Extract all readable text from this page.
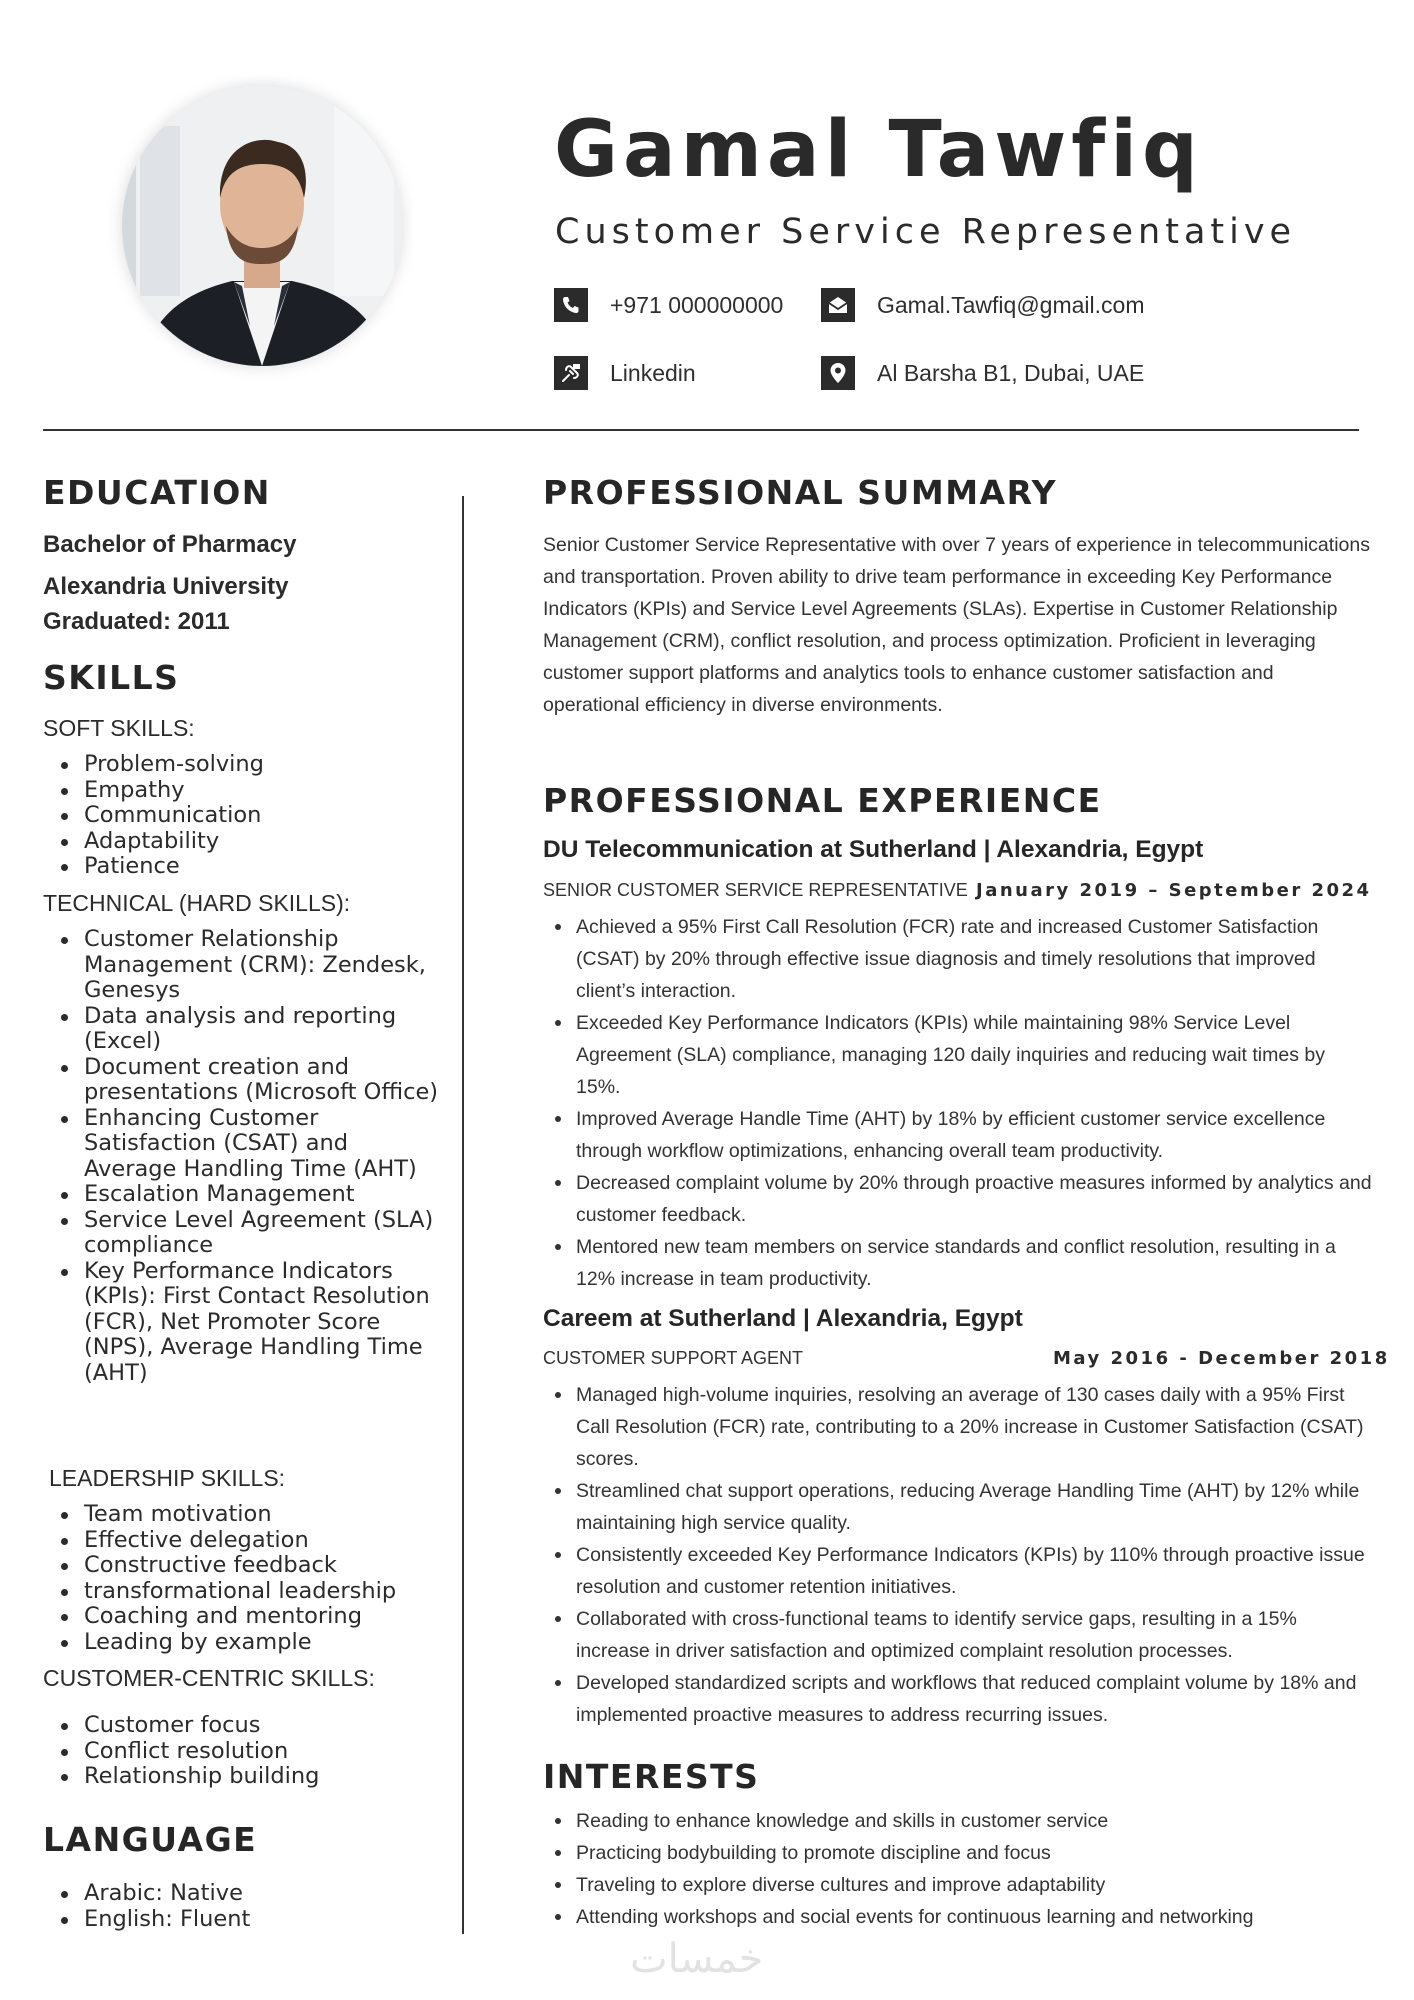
Gamal Tawfiq
Customer Service Representative
+971 000000000	Gamal.Tawfiq@gmail.com
Linkedin	Al Barsha B1, Dubai, UAE
EDUCATION
Bachelor of Pharmacy
Alexandria University
Graduated: 2011
SKILLS
SOFT SKILLS:
Problem-solving
Empathy
Communication
Adaptability
Patience
TECHNICAL (HARD SKILLS):
Customer Relationship Management (CRM): Zendesk, Genesys
Data analysis and reporting (Excel)
Document creation and presentations (Microsoft Office)
Enhancing Customer Satisfaction (CSAT) and Average Handling Time (AHT)
Escalation Management
Service Level Agreement (SLA) compliance
Key Performance Indicators (KPIs): First Contact Resolution (FCR), Net Promoter Score (NPS), Average Handling Time (AHT)
LEADERSHIP SKILLS:
Team motivation
Effective delegation
Constructive feedback
transformational leadership
Coaching and mentoring
Leading by example
CUSTOMER-CENTRIC SKILLS:
Customer focus
Conflict resolution
Relationship building
LANGUAGE
Arabic: Native
English: Fluent
PROFESSIONAL SUMMARY

Senior Customer Service Representative with over 7 years of experience in telecommunications and transportation. Proven ability to drive team performance in exceeding Key Performance Indicators (KPIs) and Service Level Agreements (SLAs). Expertise in Customer Relationship Management (CRM), conflict resolution, and process optimization. Proficient in leveraging customer support platforms and analytics tools to enhance customer satisfaction and operational efficiency in diverse environments.

PROFESSIONAL EXPERIENCE
DU Telecommunication at Sutherland | Alexandria, Egypt
SENIOR CUSTOMER SERVICE REPRESENTATIVE January 2019 – September 2024
Achieved a 95% First Call Resolution (FCR) rate and increased Customer Satisfaction (CSAT) by 20% through effective issue diagnosis and timely resolutions that improved client’s interaction.
Exceeded Key Performance Indicators (KPIs) while maintaining 98% Service Level Agreement (SLA) compliance, managing 120 daily inquiries and reducing wait times by 15%.
Improved Average Handle Time (AHT) by 18% by efficient customer service excellence through workflow optimizations, enhancing overall team productivity.
Decreased complaint volume by 20% through proactive measures informed by analytics and customer feedback.
Mentored new team members on service standards and conflict resolution, resulting in a 12% increase in team productivity.
Careem at Sutherland | Alexandria, Egypt
CUSTOMER SUPPORT AGENT	May 2016 - December 2018
Managed high-volume inquiries, resolving an average of 130 cases daily with a 95% First Call Resolution (FCR) rate, contributing to a 20% increase in Customer Satisfaction (CSAT) scores.
Streamlined chat support operations, reducing Average Handling Time (AHT) by 12% while maintaining high service quality.
Consistently exceeded Key Performance Indicators (KPIs) by 110% through proactive issue resolution and customer retention initiatives.
Collaborated with cross-functional teams to identify service gaps, resulting in a 15% increase in driver satisfaction and optimized complaint resolution processes.
Developed standardized scripts and workflows that reduced complaint volume by 18% and implemented proactive measures to address recurring issues.
INTERESTS
Reading to enhance knowledge and skills in customer service
Practicing bodybuilding to promote discipline and focus
Traveling to explore diverse cultures and improve adaptability
Attending workshops and social events for continuous learning and networking
خمسات
